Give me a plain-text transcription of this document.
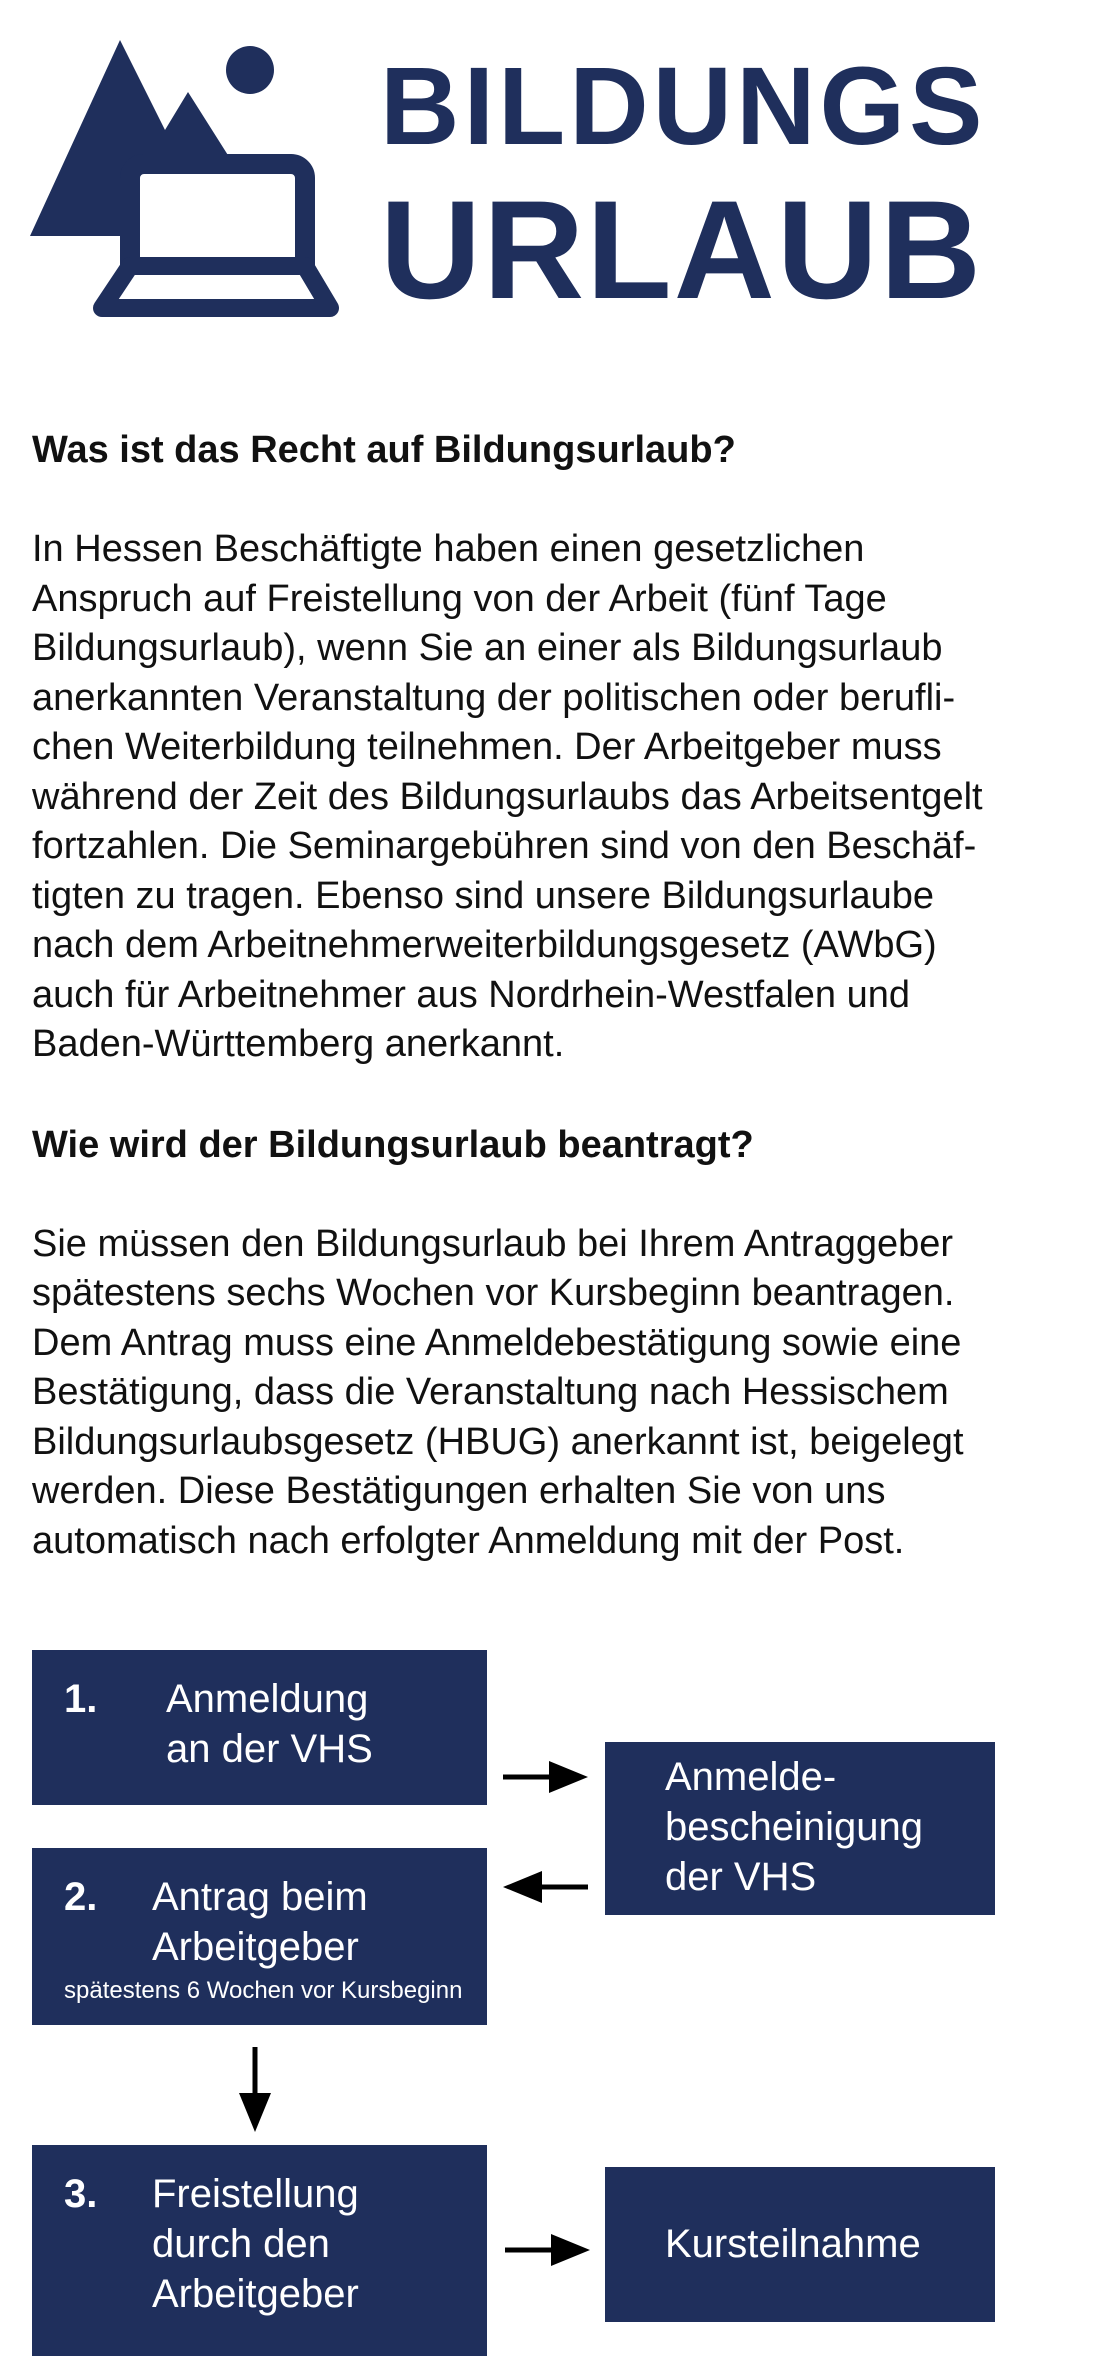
BILDUNGS
URLAUB

Was ist das Recht auf Bildungsurlaub?

In Hessen Beschäftigte haben einen gesetzlichen

Anspruch auf Freistellung von der Arbeit (fünf Tage

Bildungsurlaub), wenn Sie an einer als Bildungsurlaub

anerkannten Veranstaltung der politischen oder berufli-

chen Weiterbildung teilnehmen. Der Arbeitgeber muss

während der Zeit des Bildungsurlaubs das Arbeitsentgelt

fortzahlen. Die Seminargebühren sind von den Beschäf-

tigten zu tragen. Ebenso sind unsere Bildungsurlaube

nach dem Arbeitnehmerweiterbildungsgesetz (AWbG)

auch für Arbeitnehmer aus Nordrhein-Westfalen und

Baden-Württemberg anerkannt.

Wie wird der Bildungsurlaub beantragt?

Sie müssen den Bildungsurlaub bei Ihrem Antraggeber

spätestens sechs Wochen vor Kursbeginn beantragen.

Dem Antrag muss eine Anmeldebestätigung sowie eine

Bestätigung, dass die Veranstaltung nach Hessischem

Bildungsurlaubsgesetz (HBUG) anerkannt ist, beigelegt

werden. Diese Bestätigungen erhalten Sie von uns

automatisch nach erfolgter Anmeldung mit der Post.

1. Anmeldung
an der VHS
Anmelde-
bescheinigung
der VHS
2. Antrag beim
Arbeitgeber
spätestens 6 Wochen vor Kursbeginn
3. Freistellung
durch den
Arbeitgeber
Kursteilnahme
